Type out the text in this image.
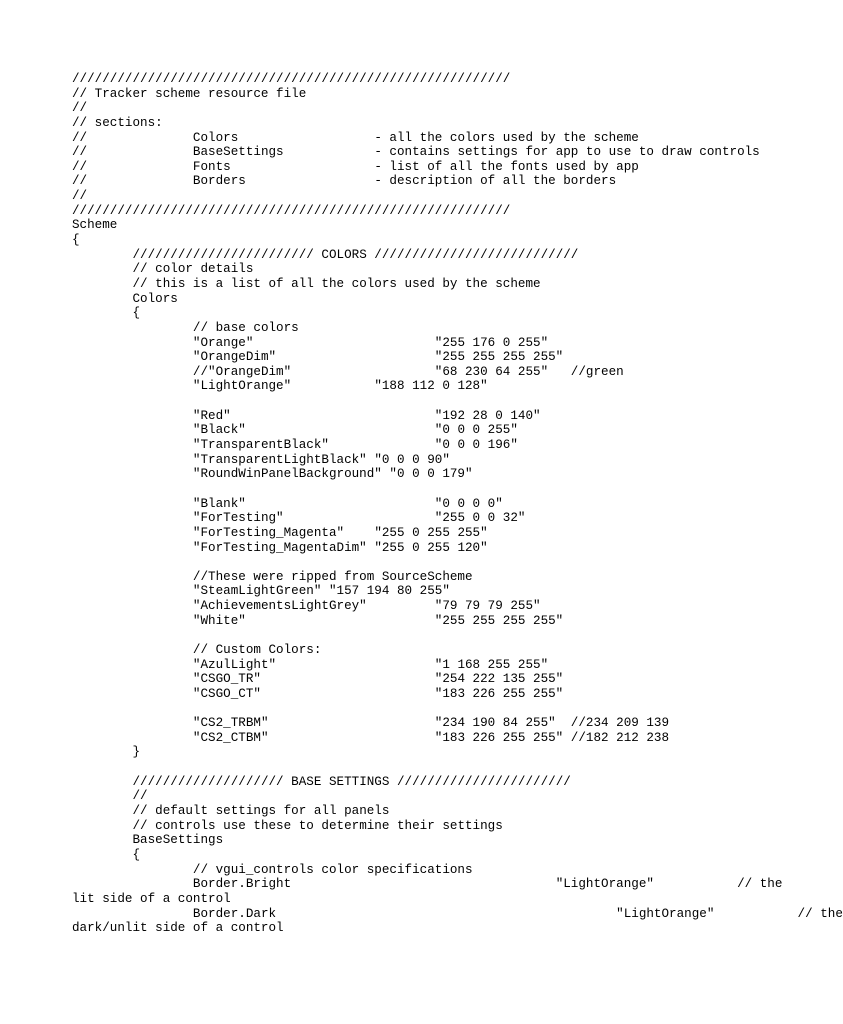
//////////////////////////////////////////////////////////
// Tracker scheme resource file
//
// sections:
//		Colors			- all the colors used by the scheme
//		BaseSettings		- contains settings for app to use to draw controls
//		Fonts			- list of all the fonts used by app
//		Borders			- description of all the borders
//
//////////////////////////////////////////////////////////
Scheme
{
	//////////////////////// COLORS ///////////////////////////
	// color details
	// this is a list of all the colors used by the scheme
	Colors
	{
		// base colors
		"Orange"			"255 176 0 255"
		"OrangeDim"			"255 255 255 255"
		//"OrangeDim"			"68 230 64 255"   //green
		"LightOrange"		"188 112 0 128"
		"Red"				"192 28 0 140"
		"Black"				"0 0 0 255"
		"TransparentBlack"		"0 0 0 196"
		"TransparentLightBlack"	"0 0 0 90"
		"RoundWinPanelBackground" "0 0 0 179"
		"Blank"				"0 0 0 0"
		"ForTesting"			"255 0 0 32"
		"ForTesting_Magenta"	"255 0 255 255"
		"ForTesting_MagentaDim"	"255 0 255 120"
		//These were ripped from SourceScheme
		"SteamLightGreen" "157 194 80 255"
		"AchievementsLightGrey"		"79 79 79 255"
		"White"				"255 255 255 255"
		// Custom Colors:
		"AzulLight"			"1 168 255 255"
		"CSGO_TR"			"254 222 135 255"
		"CSGO_CT"			"183 226 255 255"
		"CS2_TRBM"			"234 190 84 255"  //234 209 139
		"CS2_CTBM"			"183 226 255 255" //182 212 238
	}
	//////////////////// BASE SETTINGS ///////////////////////
	//
	// default settings for all panels
	// controls use these to determine their settings
	BaseSettings
	{
		// vgui_controls color specifications
		Border.Bright					"LightOrange"		// the
lit side of a control
		Border.Dark						"LightOrange"		// the
dark/unlit side of a control
